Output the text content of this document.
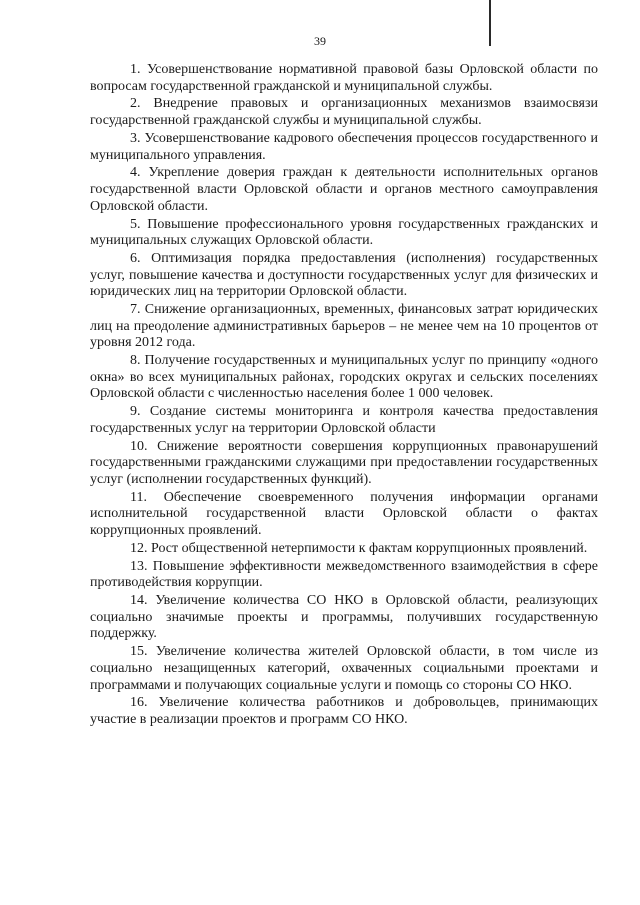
39

1. Усовершенствование нормативной правовой базы Орловской области по вопросам государственной гражданской и муниципальной службы.

2. Внедрение правовых и организационных механизмов взаимосвязи государственной гражданской службы и муниципальной службы.

3. Усовершенствование кадрового обеспечения процессов государственного и муниципального управления.

4. Укрепление доверия граждан к деятельности исполнительных органов государственной власти Орловской области и органов местного самоуправления Орловской области.

5. Повышение профессионального уровня государственных гражданских и муниципальных служащих Орловской области.

6. Оптимизация порядка предоставления (исполнения) государственных услуг, повышение качества и доступности государственных услуг для физических и юридических лиц на территории Орловской области.

7. Снижение организационных, временных, финансовых затрат юридических лиц на преодоление административных барьеров – не менее чем на 10 процентов от уровня 2012 года.

8. Получение государственных и муниципальных услуг по принципу «одного окна» во всех муниципальных районах, городских округах и сельских поселениях Орловской области с численностью населения более 1 000 человек.

9. Создание системы мониторинга и контроля качества предоставления государственных услуг на территории Орловской области

10. Снижение вероятности совершения коррупционных правонарушений государственными гражданскими служащими при предоставлении государственных услуг (исполнении государственных функций).

11. Обеспечение своевременного получения информации органами исполнительной государственной власти Орловской области о фактах коррупционных проявлений.

12. Рост общественной нетерпимости к фактам коррупционных проявлений.

13. Повышение эффективности межведомственного взаимодействия в сфере противодействия коррупции.

14. Увеличение количества СО НКО в Орловской области, реализующих социально значимые проекты и программы, получивших государственную поддержку.

15. Увеличение количества жителей Орловской области, в том числе из социально незащищенных категорий, охваченных социальными проектами и программами и получающих социальные услуги и помощь со стороны СО НКО.

16. Увеличение количества работников и добровольцев, принимающих участие в реализации проектов и программ СО НКО.
